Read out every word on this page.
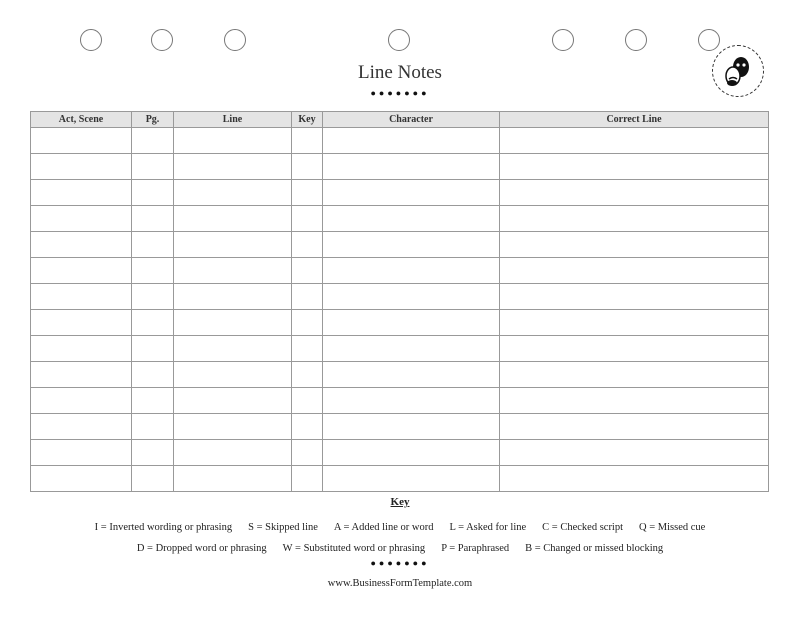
Line Notes
●●●●●●●
Act, Scene	Pg.	Line	Key	Character	Correct Line

Key
I = Inverted wording or phrasing S = Skipped line A = Added line or word L = Asked for line C = Checked script Q = Missed cue
D = Dropped word or phrasing W = Substituted word or phrasing P = Paraphrased B = Changed or missed blocking
●●●●●●●
www.BusinessFormTemplate.com
